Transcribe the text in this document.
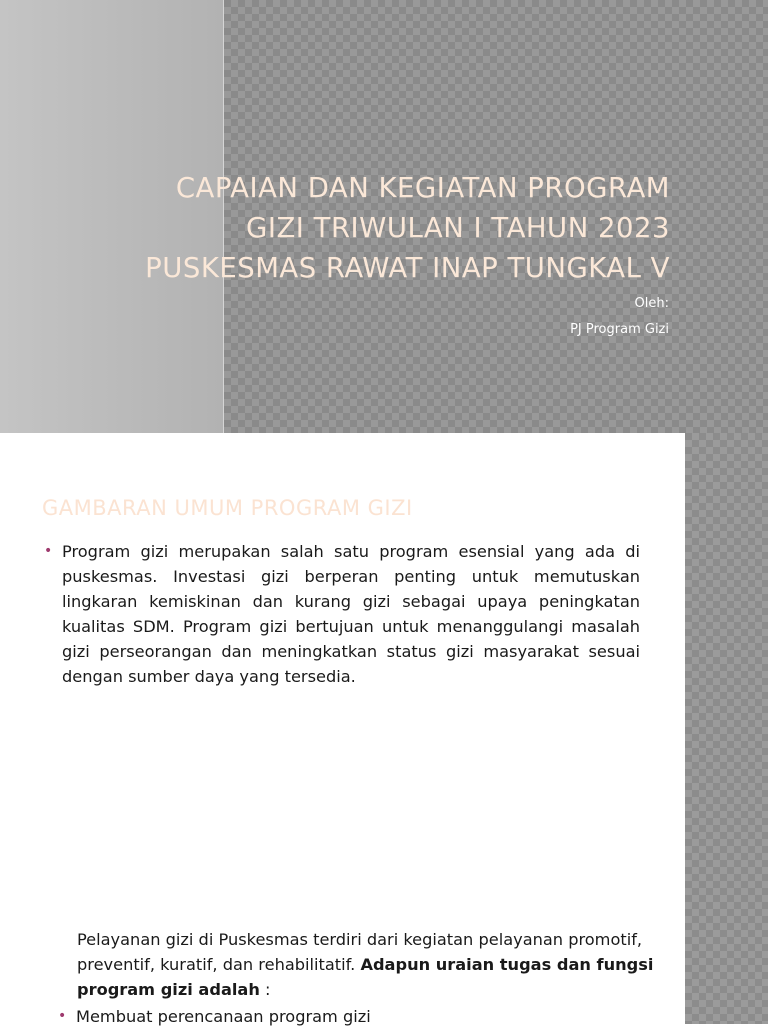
CAPAIAN DAN KEGIATAN PROGRAM
GIZI TRIWULAN I TAHUN 2023
PUSKESMAS RAWAT INAP TUNGKAL V
Oleh:
PJ Program Gizi
GAMBARAN UMUM PROGRAM GIZI
• Program gizi merupakan salah satu program esensial yang ada di puskesmas. Investasi gizi berperan penting untuk memutuskan lingkaran kemiskinan dan kurang gizi sebagai upaya peningkatan kualitas SDM. Program gizi bertujuan untuk menanggulangi masalah gizi perseorangan dan meningkatkan status gizi masyarakat sesuai dengan sumber daya yang tersedia.

Pelayanan gizi di Puskesmas terdiri dari kegiatan pelayanan promotif, preventif, kuratif, dan rehabilitatif. Adapun uraian tugas dan fungsi program gizi adalah :

• Membuat perencanaan program gizi
